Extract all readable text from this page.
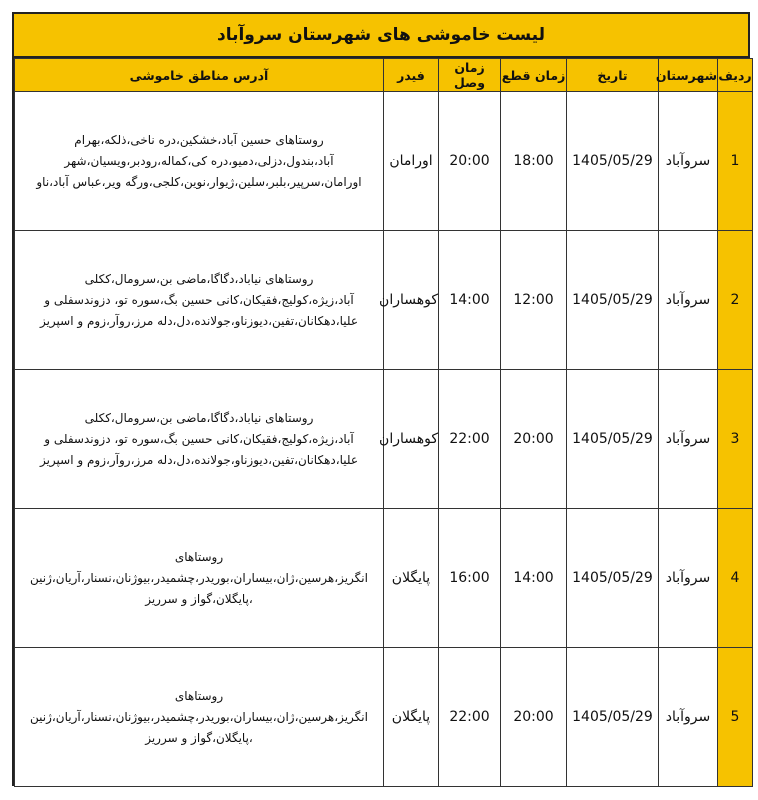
لیست خاموشی های شهرستان سروآباد
ردیف	شهرستان	تاریخ	زمان قطع	زمان وصل	فیدر	آدرس مناطق خاموشی
1	سروآباد	1405/05/29	18:00	20:00	اورامان	روستاهای حسین آباد،خشکین،دره ناخی،ذلکه،بهرام
آباد،بندول،دزلی،دمیو،دره کی،کماله،رودبر،ویسیان،شهر
اورامان،سرپیر،بلبر،سلین،ژیوار،نوین،کلجی،ورگه ویر،عباس آباد،ناو

2	سروآباد	1405/05/29	12:00	14:00	کوهساران	روستاهای نیاباد،دگاگا،ماضی بن،سرومال،ککلی
آباد،زیژه،کولیج،فقیکان،کانی حسین بگ،سوره تو، دزوندسفلی و
علیا،دهکانان،تفین،دیوزناو،جولانده،دل،دله مرز،روآر،زوم و اسپریز

3	سروآباد	1405/05/29	20:00	22:00	کوهساران	روستاهای نیاباد،دگاگا،ماضی بن،سرومال،ککلی
آباد،زیژه،کولیج،فقیکان،کانی حسین بگ،سوره تو، دزوندسفلی و
علیا،دهکانان،تفین،دیوزناو،جولانده،دل،دله مرز،روآر،زوم و اسپریز

4	سروآباد	1405/05/29	14:00	16:00	پایگلان	روستاهای
انگریز،هرسین،ژان،بیساران،بوریدر،چشمیدر،بیوژنان،نسنار،آریان،ژنین
،پایگلان،گواز و سرریز

5	سروآباد	1405/05/29	20:00	22:00	پایگلان	روستاهای
انگریز،هرسین،ژان،بیساران،بوریدر،چشمیدر،بیوژنان،نسنار،آریان،ژنین
،پایگلان،گواز و سرریز
